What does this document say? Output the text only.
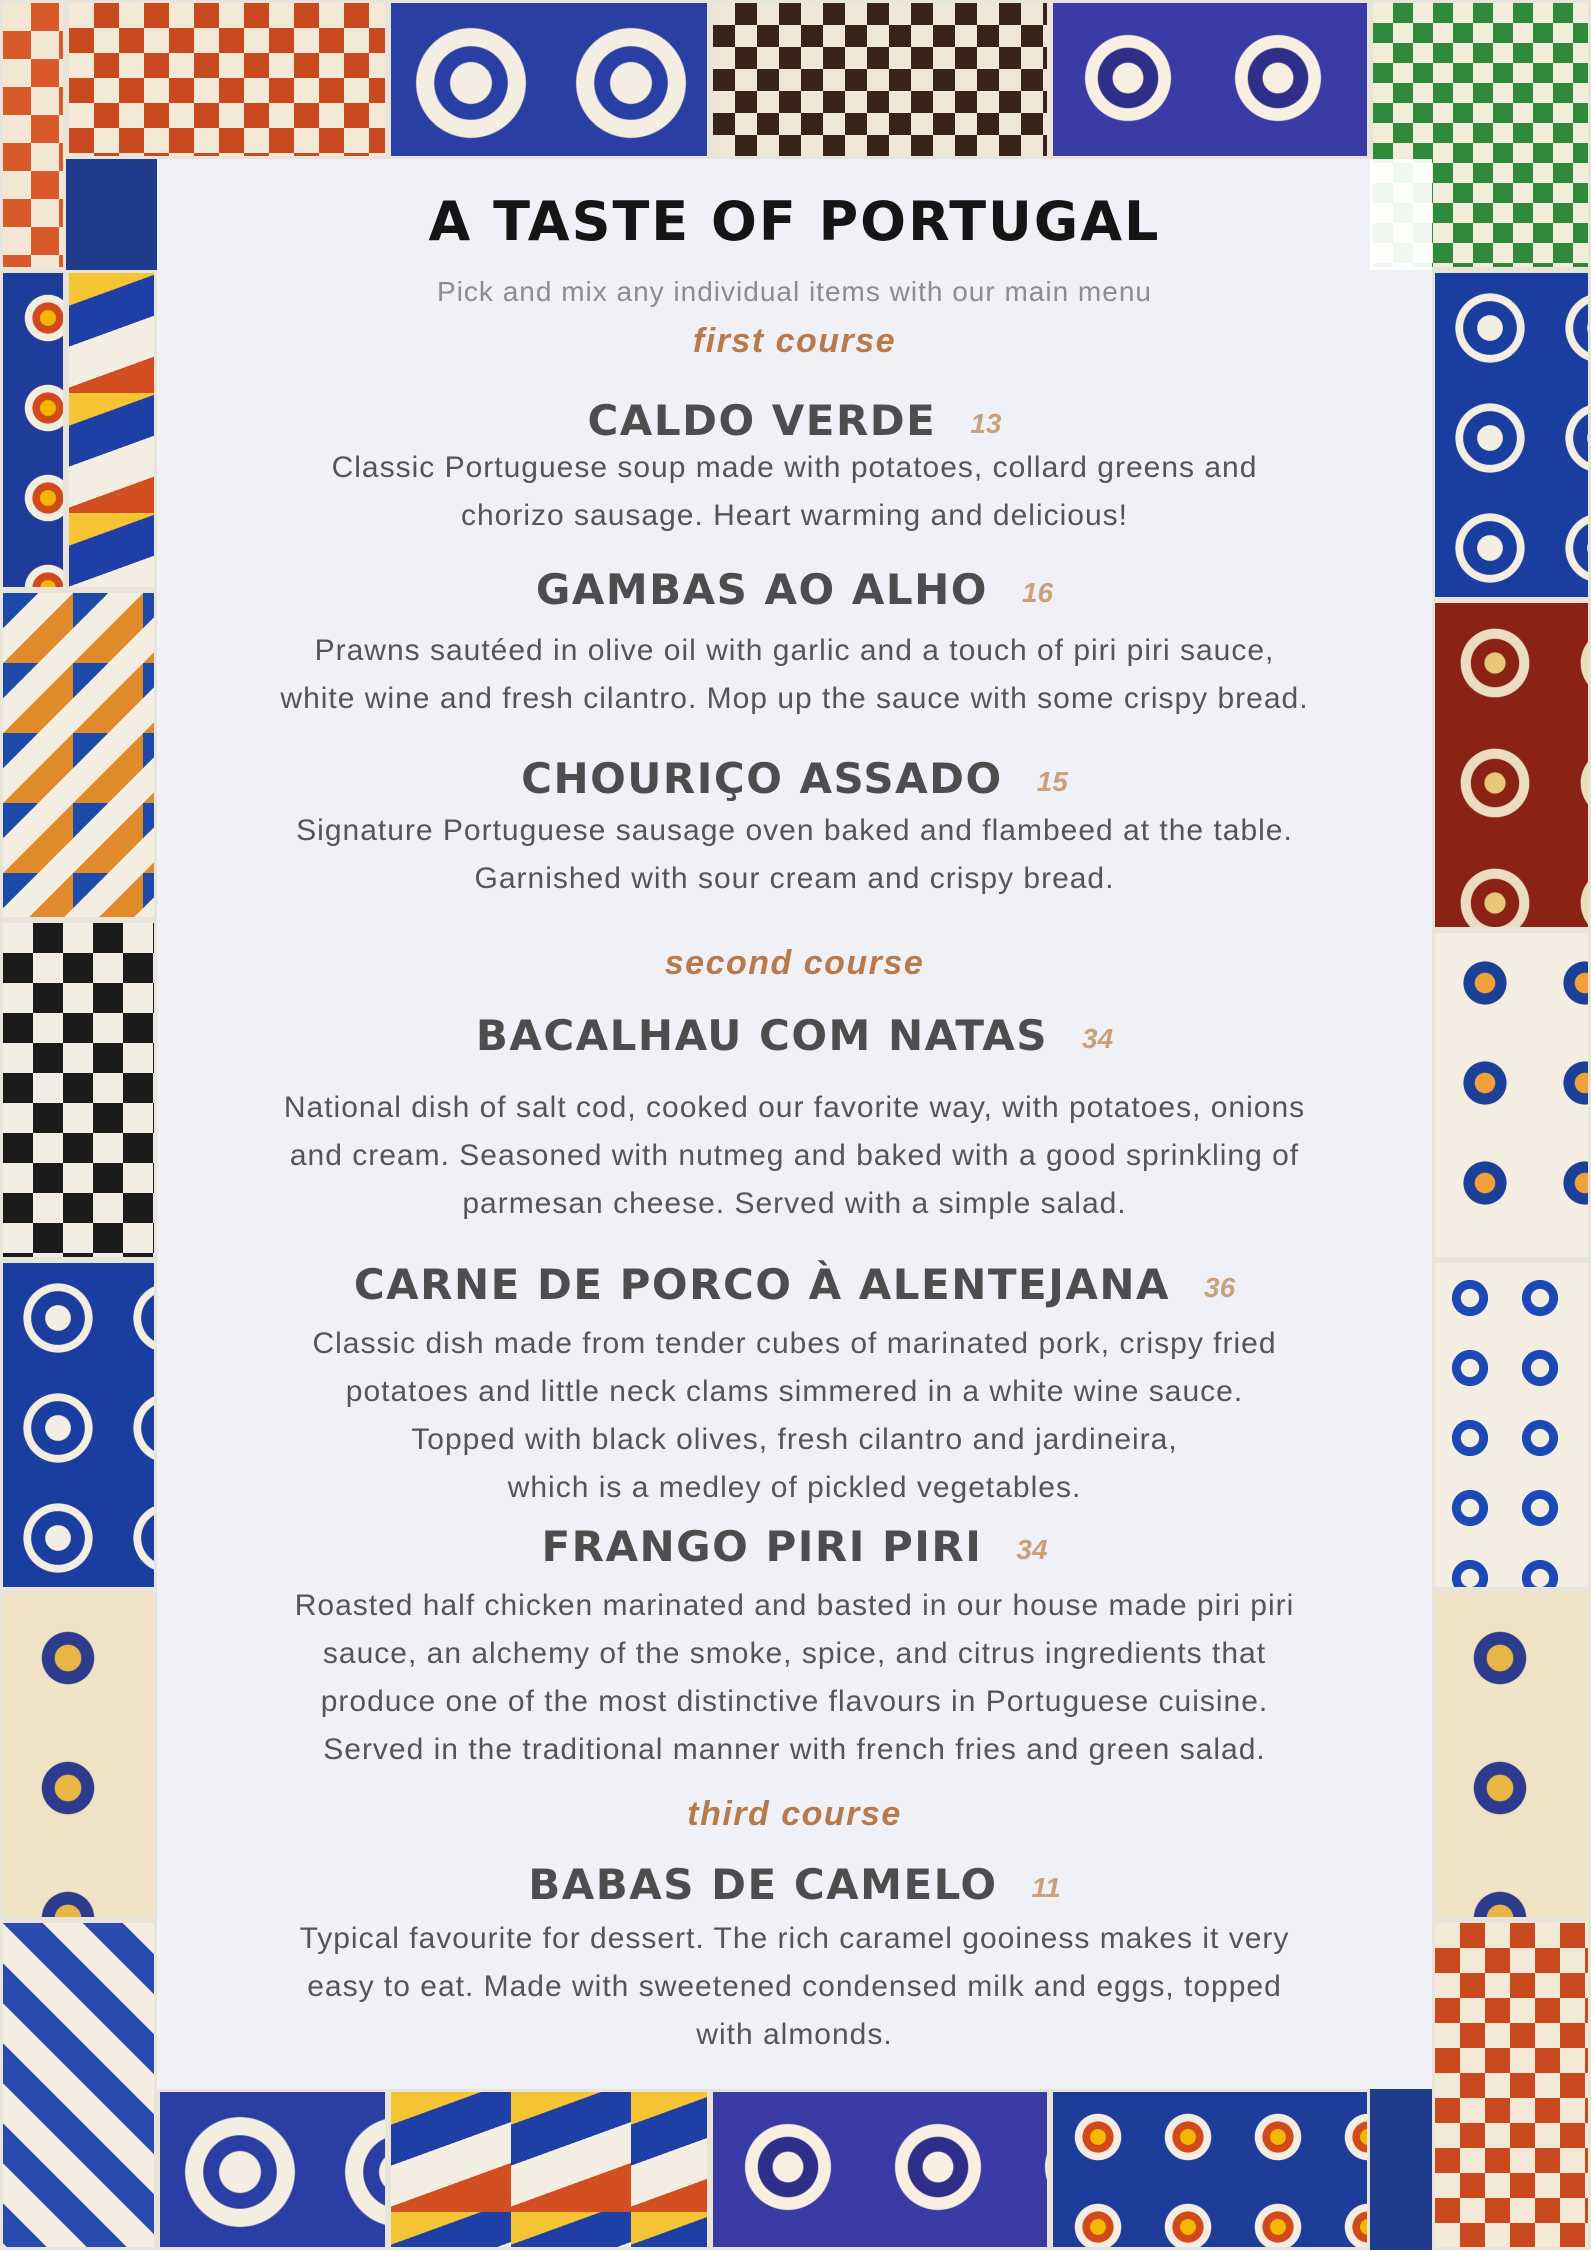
A TASTE OF PORTUGAL
Pick and mix any individual items with our main menu
first course
CALDO VERDE 13
Classic Portuguese soup made with potatoes, collard greens and
chorizo sausage. Heart warming and delicious!
GAMBAS AO ALHO 16
Prawns sautéed in olive oil with garlic and a touch of piri piri sauce,
white wine and fresh cilantro. Mop up the sauce with some crispy bread.
CHOURIÇO ASSADO 15
Signature Portuguese sausage oven baked and flambeed at the table.
Garnished with sour cream and crispy bread.
second course
BACALHAU COM NATAS 34
National dish of salt cod, cooked our favorite way, with potatoes, onions
and cream. Seasoned with nutmeg and baked with a good sprinkling of
parmesan cheese. Served with a simple salad.
CARNE DE PORCO À ALENTEJANA 36
Classic dish made from tender cubes of marinated pork, crispy fried
potatoes and little neck clams simmered in a white wine sauce.
Topped with black olives, fresh cilantro and jardineira,
which is a medley of pickled vegetables.
FRANGO PIRI PIRI 34
Roasted half chicken marinated and basted in our house made piri piri
sauce, an alchemy of the smoke, spice, and citrus ingredients that
produce one of the most distinctive flavours in Portuguese cuisine.
Served in the traditional manner with french fries and green salad.
third course
BABAS DE CAMELO 11
Typical favourite for dessert. The rich caramel gooiness makes it very
easy to eat. Made with sweetened condensed milk and eggs, topped
with almonds.
